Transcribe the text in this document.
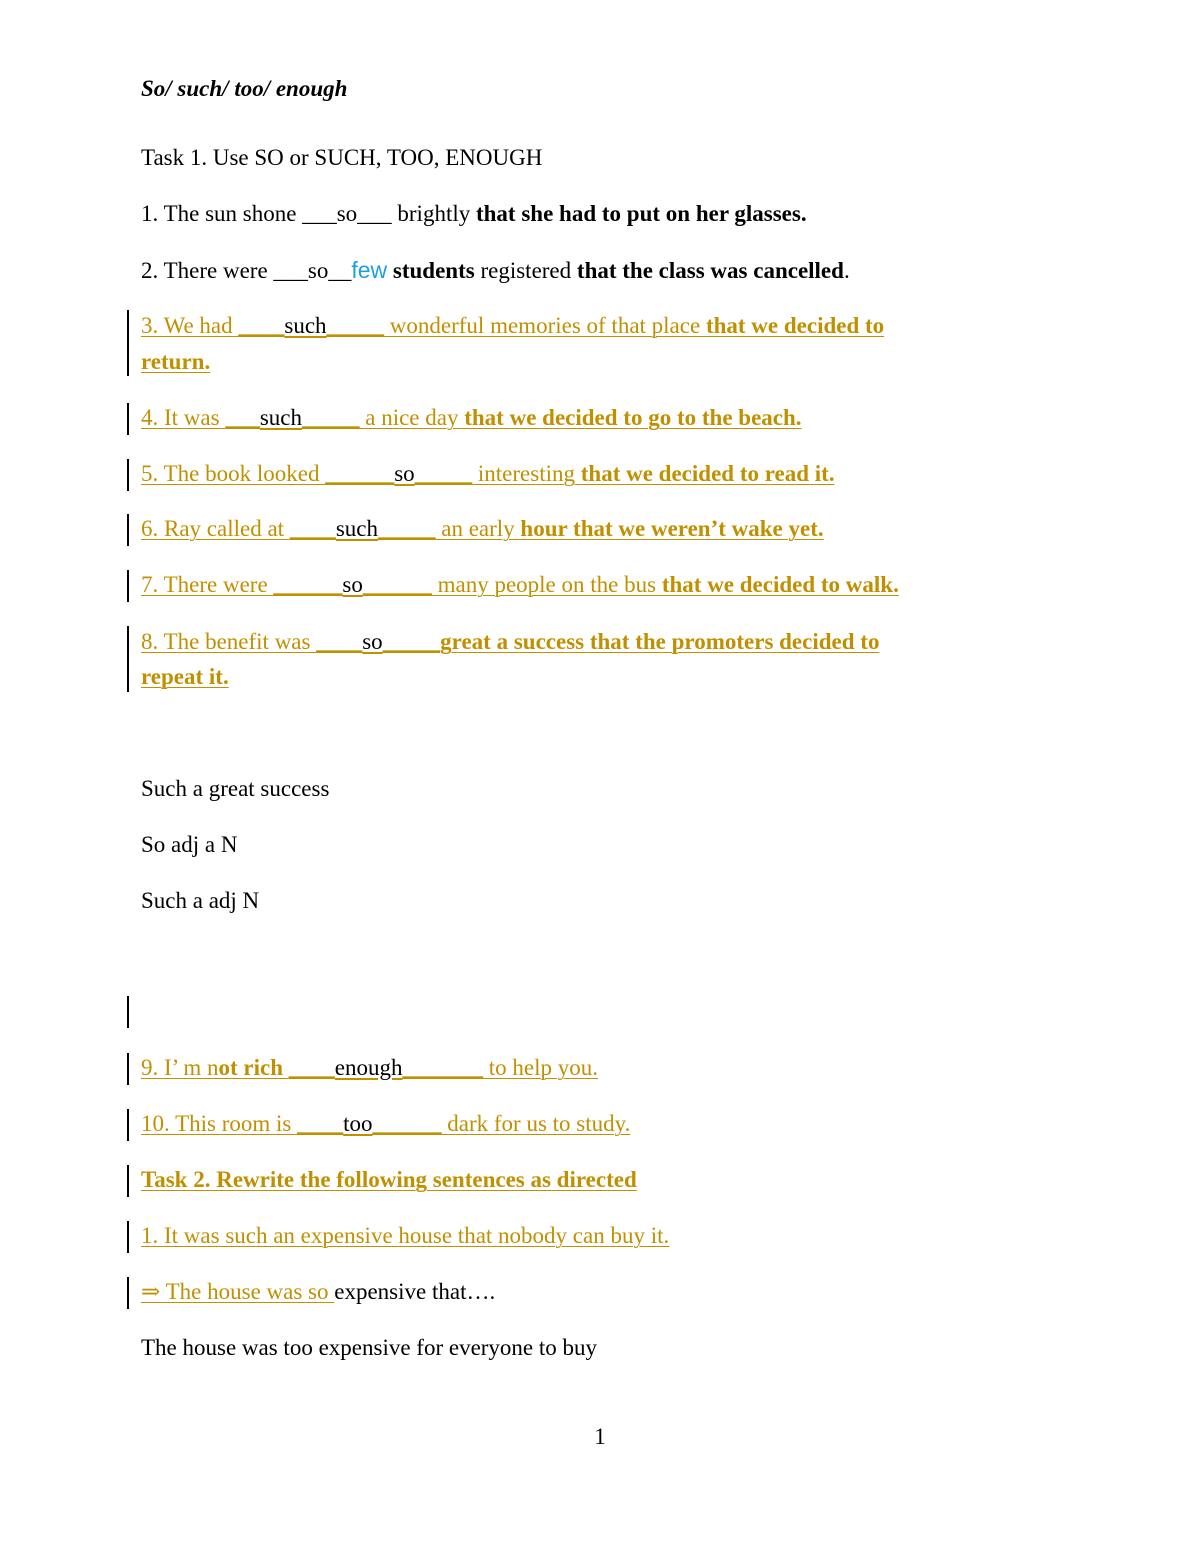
So/ such/ too/ enough
Task 1. Use SO or SUCH, TOO, ENOUGH
1. The sun shone ___so___ brightly that she had to put on her glasses.
2. There were ___so__few students registered that the class was cancelled.
3. We had ____such_____ wonderful memories of that place that we decided to
return.
4. It was ___such_____ a nice day that we decided to go to the beach.
5. The book looked ______so_____ interesting that we decided to read it.
6. Ray called at ____such_____ an early hour that we weren’t wake yet.
7. There were ______so______ many people on the bus that we decided to walk.
8. The benefit was ____so_____great a success that the promoters decided to
repeat it.
Such a great success
So adj a N
Such a adj N
9. I’ m not rich ____enough_______ to help you.
10. This room is ____too______ dark for us to study.
Task 2. Rewrite the following sentences as directed
1. It was such an expensive house that nobody can buy it.
⇒ The house was so expensive that….
The house was too expensive for everyone to buy
1
